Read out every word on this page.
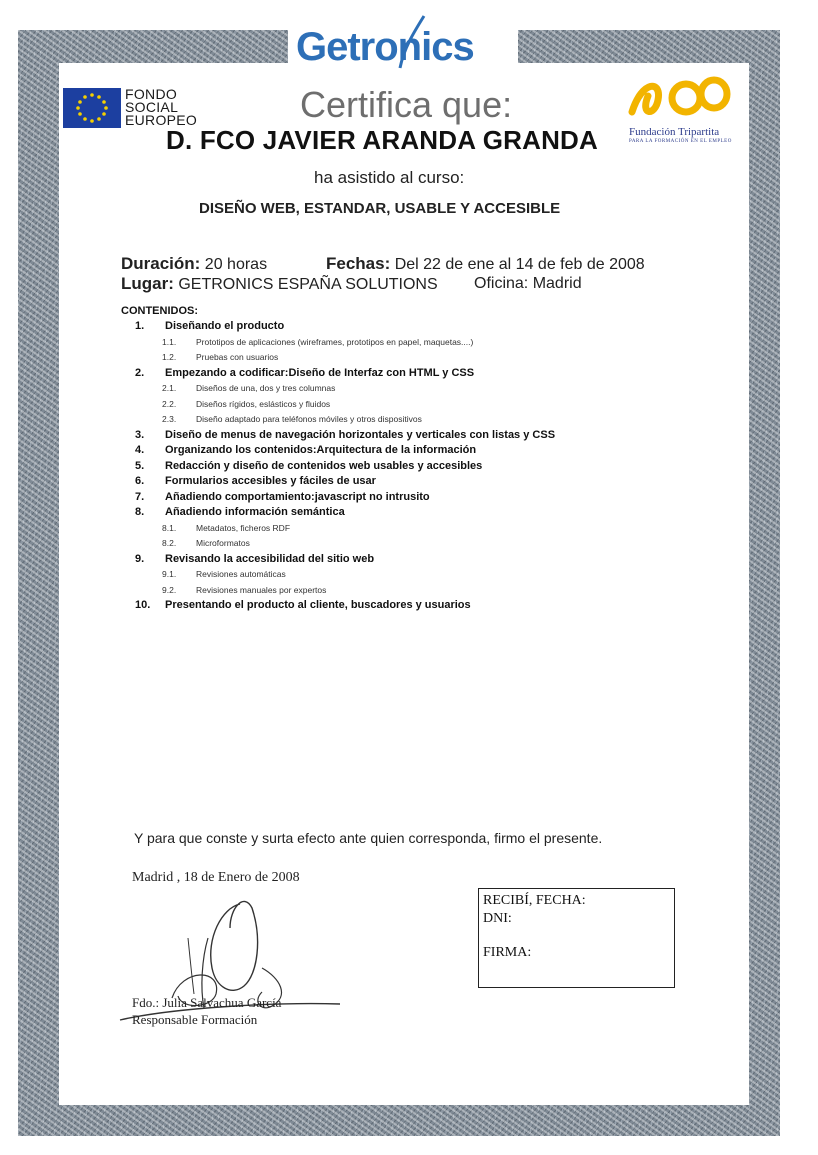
Getronics
FONDO
SOCIAL
EUROPEO	Certifica que:
Fundación Tripartita
PARA LA FORMACIÓN EN EL EMPLEO
D. FCO JAVIER ARANDA GRANDA
ha asistido al curso:
DISEÑO WEB, ESTANDAR, USABLE Y ACCESIBLE
Duración: 20 horas	Fechas: Del 22 de ene al 14 de feb de 2008
Lugar: GETRONICS ESPAÑA SOLUTIONS Oficina: Madrid
CONTENIDOS:
1.	Diseñando el producto
1.1.	Prototipos de aplicaciones (wireframes, prototipos en papel, maquetas....)
1.2.	Pruebas con usuarios
2.	Empezando a codificar:Diseño de Interfaz con HTML y CSS
2.1.	Diseños de una, dos y tres columnas
2.2.	Diseños rígidos, eslásticos y fluidos
2.3.	Diseño adaptado para teléfonos móviles y otros dispositivos
3.	Diseño de menus de navegación horizontales y verticales con listas y CSS
4.	Organizando los contenidos:Arquitectura de la información
5.	Redacción y diseño de contenidos web usables y accesibles
6.	Formularios accesibles y fáciles de usar
7.	Añadiendo comportamiento:javascript no intrusito
8.	Añadiendo información semántica
8.1.	Metadatos, ficheros RDF
8.2.	Microformatos
9.	Revisando la accesibilidad del sitio web
9.1.	Revisiones automáticas
9.2.	Revisiones manuales por expertos
10.	Presentando el producto al cliente, buscadores y usuarios
Y para que conste y surta efecto ante quien corresponda, firmo el presente.
Madrid , 18 de Enero de 2008
RECIBÍ, FECHA:
DNI:
FIRMA:
Fdo.: Julia Salvachua García
Responsable Formación
